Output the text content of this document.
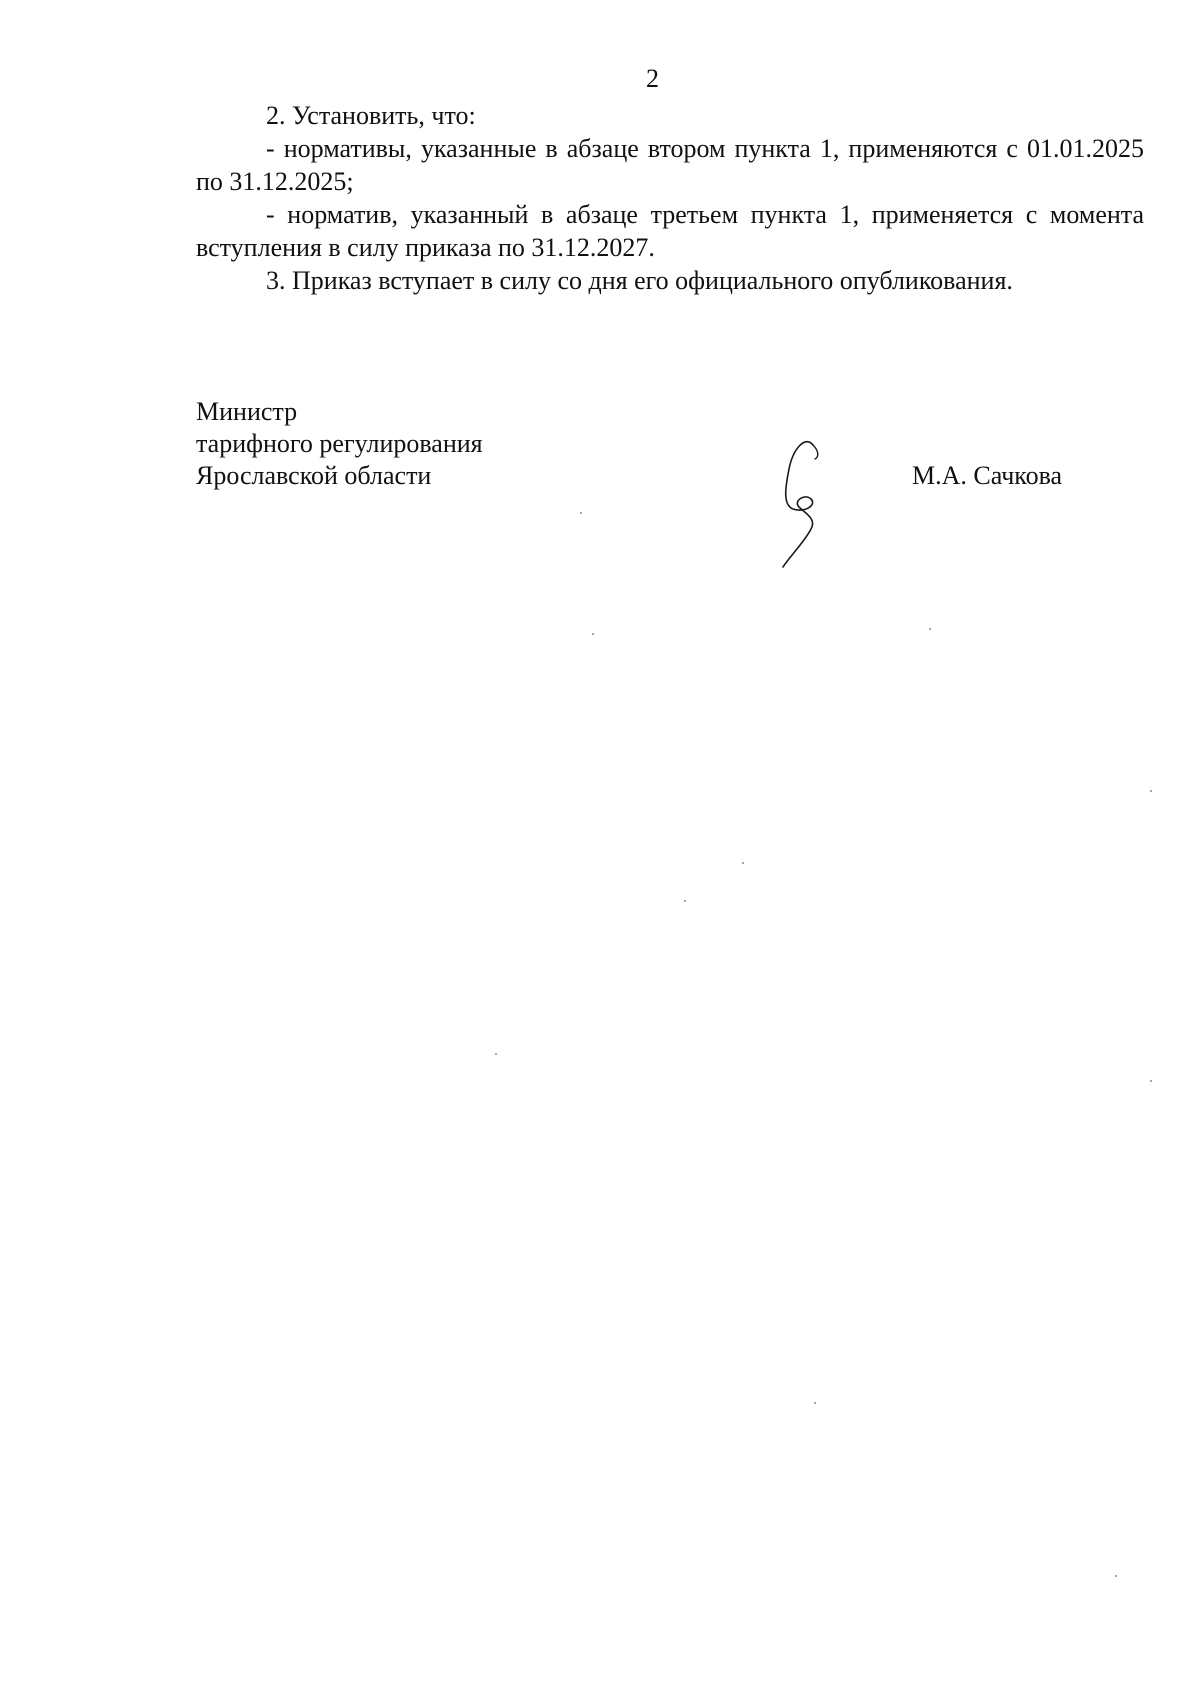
2

2. Установить, что:

- нормативы, указанные в абзаце втором пункта 1, применяются с 01.01.2025 по 31.12.2025;

- норматив, указанный в абзаце третьем пункта 1, применяется с момента вступления в силу приказа по 31.12.2027.

3. Приказ вступает в силу со дня его официального опубликования.

Министр
тарифного регулирования
Ярославской области	М.А. Сачкова
